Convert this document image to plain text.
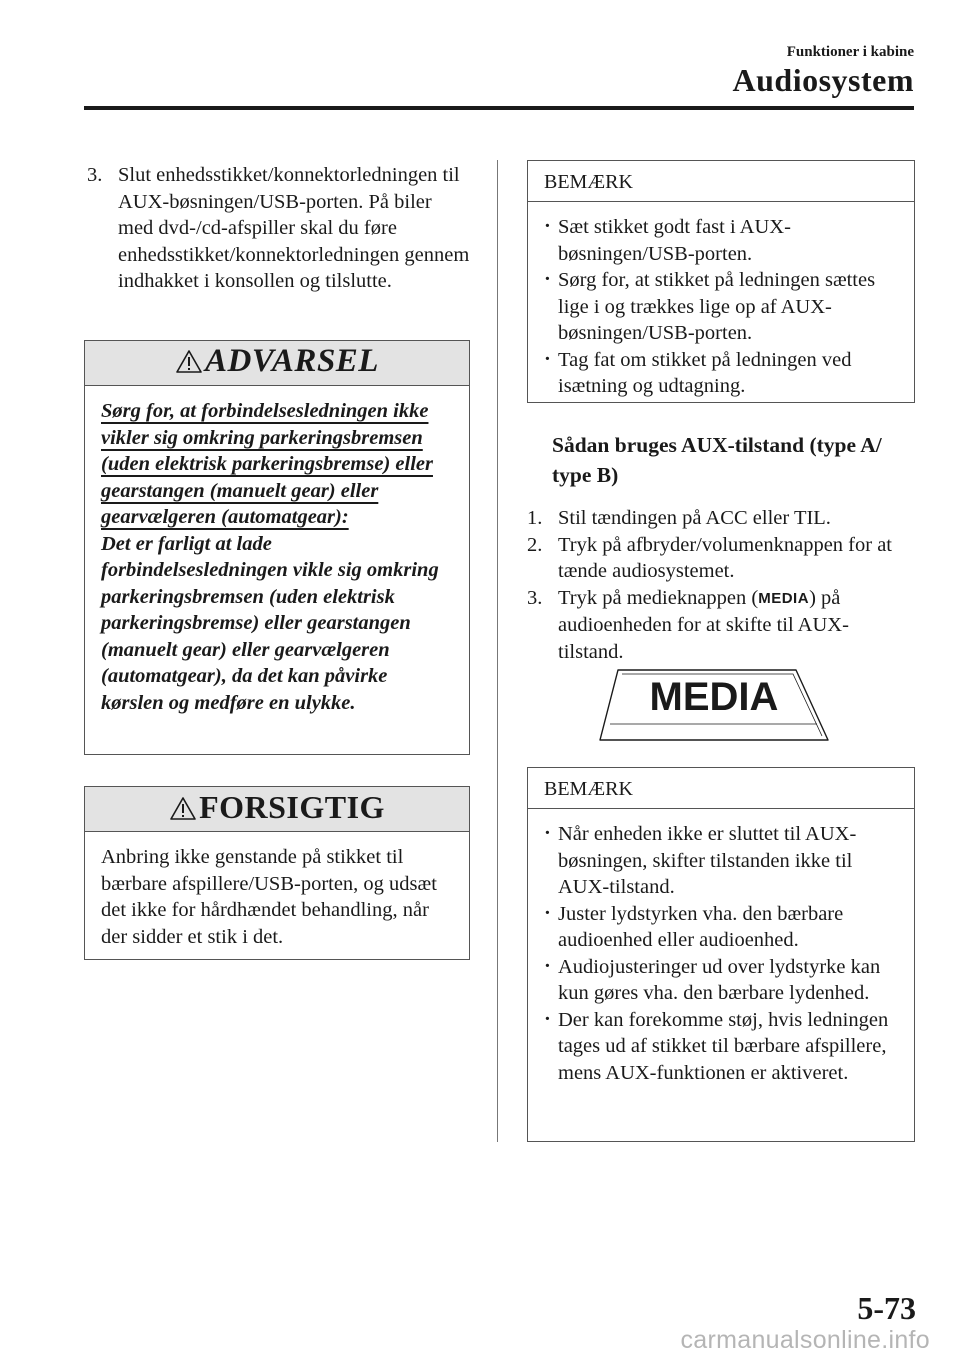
Funktioner i kabine
Audiosystem
3. Slut enhedsstikket/konnektorledningen til AUX-bøsningen/USB-porten. På biler med dvd-/cd-afspiller skal du føre enhedsstikket/konnektorledningen gennem indhakket i konsollen og tilslutte.
ADVARSEL
Sørg for, at forbindelsesledningen ikke vikler sig omkring parkeringsbremsen (uden elektrisk parkeringsbremse) eller gearstangen (manuelt gear) eller gearvælgeren (automatgear):
Det er farligt at lade forbindelsesledningen vikle sig omkring parkeringsbremsen (uden elektrisk parkeringsbremse) eller gearstangen (manuelt gear) eller gearvælgeren (automatgear), da det kan påvirke kørslen og medføre en ulykke.
FORSIGTIG
Anbring ikke genstande på stikket til bærbare afspillere/USB-porten, og udsæt det ikke for hårdhændet behandling, når der sidder et stik i det.
BEMÆRK
· Sæt stikket godt fast i AUX-bøsningen/USB-porten.
· Sørg for, at stikket på ledningen sættes lige i og trækkes lige op af AUX-bøsningen/USB-porten.
· Tag fat om stikket på ledningen ved isætning og udtagning.
Sådan bruges AUX-tilstand (type A/ type B)
1. Stil tændingen på ACC eller TIL.
2. Tryk på afbryder/volumenknappen for at tænde audiosystemet.
3. Tryk på medieknappen (MEDIA) på audioenheden for at skifte til AUX-tilstand.
MEDIA
BEMÆRK
· Når enheden ikke er sluttet til AUX-bøsningen, skifter tilstanden ikke til AUX-tilstand.
· Juster lydstyrken vha. den bærbare audioenhed eller audioenhed.
· Audiojusteringer ud over lydstyrke kan kun gøres vha. den bærbare lydenhed.
· Der kan forekomme støj, hvis ledningen tages ud af stikket til bærbare afspillere, mens AUX-funktionen er aktiveret.
5-73
carmanualsonline.info
